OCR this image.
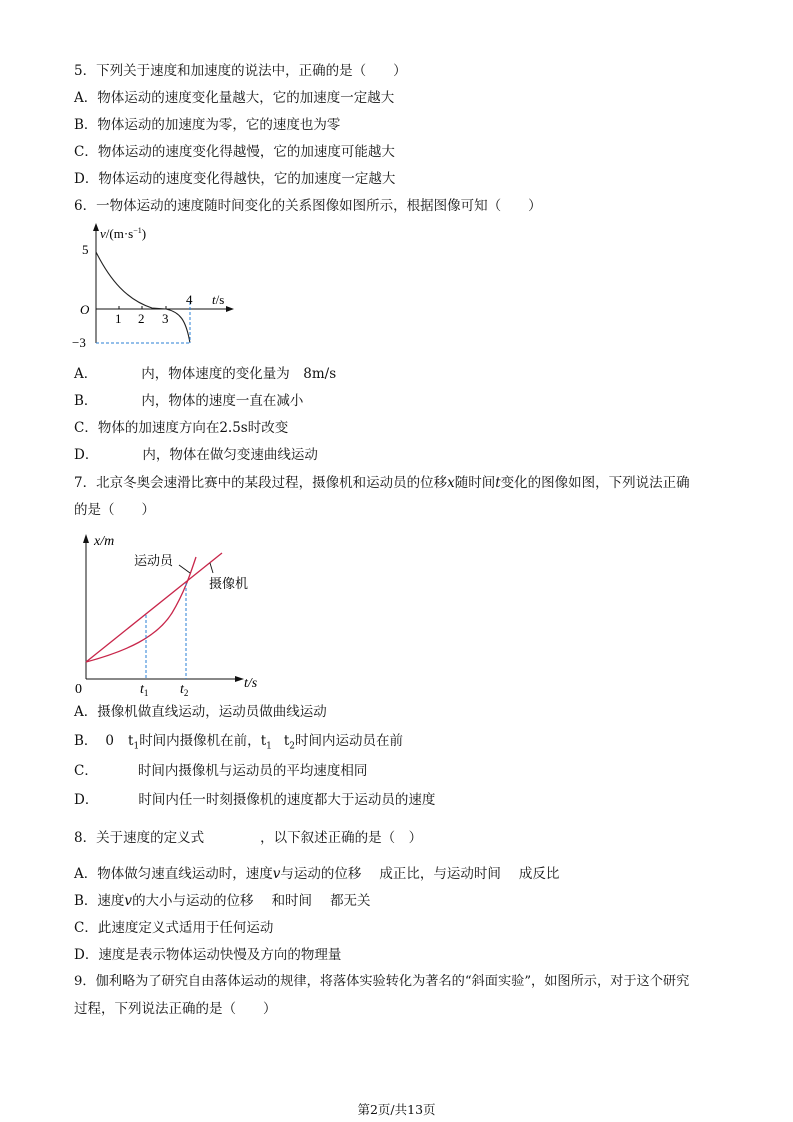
5．下列关于速度和加速度的说法中，正确的是（　　）
A．物体运动的速度变化量越大，它的加速度一定越大
B．物体运动的加速度为零，它的速度也为零
C．物体运动的速度变化得越慢，它的加速度可能越大
D．物体运动的速度变化得越快，它的加速度一定越大
6．一物体运动的速度随时间变化的关系图像如图所示，根据图像可知（　　）
$v/(m\cdot s^{-1})$
5
O
−3
1 2 3
4 t/s
A．	内，物体速度的变化量为　8m/s
B．	内，物体的速度一直在减小
C．物体的加速度方向在2.5s时改变
D．	内，物体在做匀变速曲线运动
7．北京冬奥会速滑比赛中的某段过程，摄像机和运动员的位移x随时间t变化的图像如图，下列说法正确
的是（　　）
x/m
运动员
摄像机
0	$t_1$ $t_2$
t/s
A．摄像机做直线运动，运动员做曲线运动
B． 0 $t_1$时间内摄像机在前，$t_1$ $t_2$时间内运动员在前
C．	时间内摄像机与运动员的平均速度相同
D．	时间内任一时刻摄像机的速度都大于运动员的速度
8．关于速度的定义式	，以下叙述正确的是（　）
A．物体做匀速直线运动时，速度v与运动的位移 成正比，与运动时间 成反比
B．速度v的大小与运动的位移 和时间 都无关
C．此速度定义式适用于任何运动
D．速度是表示物体运动快慢及方向的物理量
9．伽利略为了研究自由落体运动的规律，将落体实验转化为著名的“斜面实验”，如图所示，对于这个研究
过程，下列说法正确的是（　　）
第2页/共13页
